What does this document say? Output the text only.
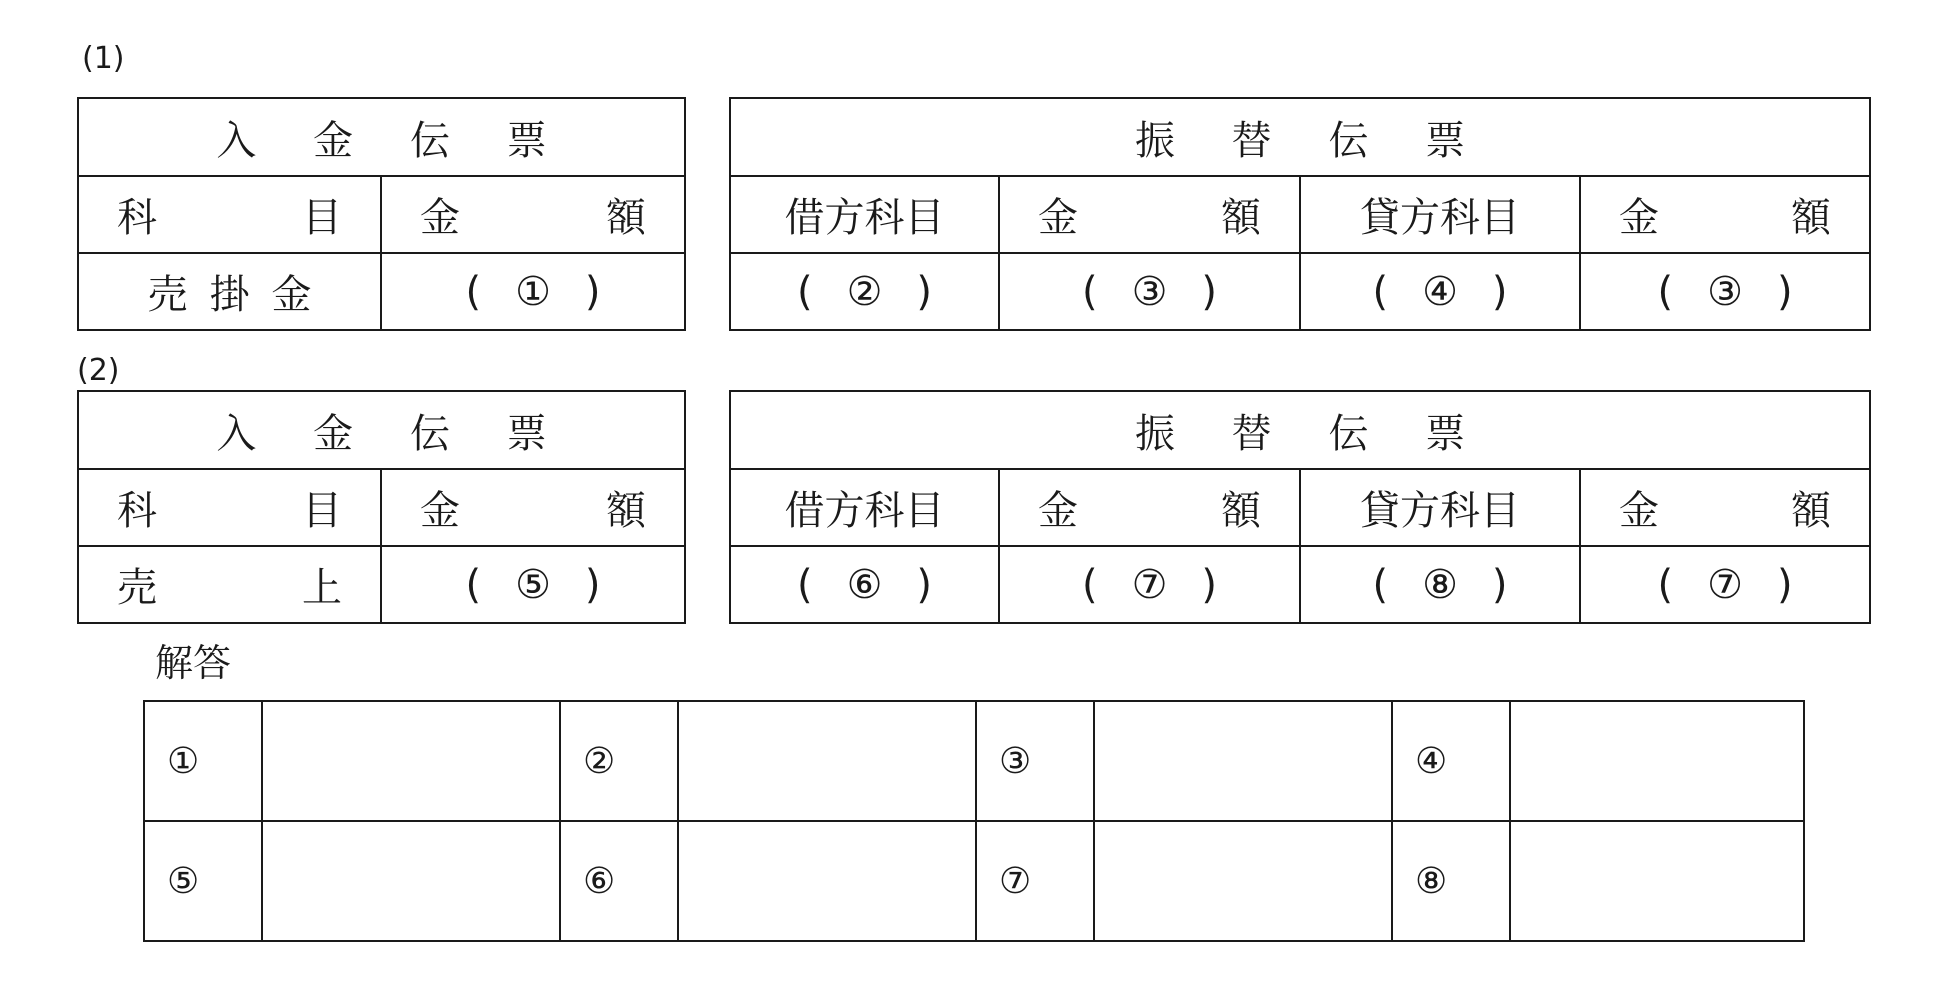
(1)
入 金 伝 票	

科 目	金 額

売掛金	( ① )
振 替 伝 票			
借方科目	金 額	貸方科目	金 額

( ② )	( ③ )	( ④ )	( ③ )
(2)
入 金 伝 票	

科 目	金 額

売 上	( ⑤ )
振 替 伝 票			
借方科目	金 額	貸方科目	金 額

( ⑥ )	( ⑦ )	( ⑧ )	( ⑦ )
解答
①		②		③		④	
⑤		⑥		⑦		⑧	
